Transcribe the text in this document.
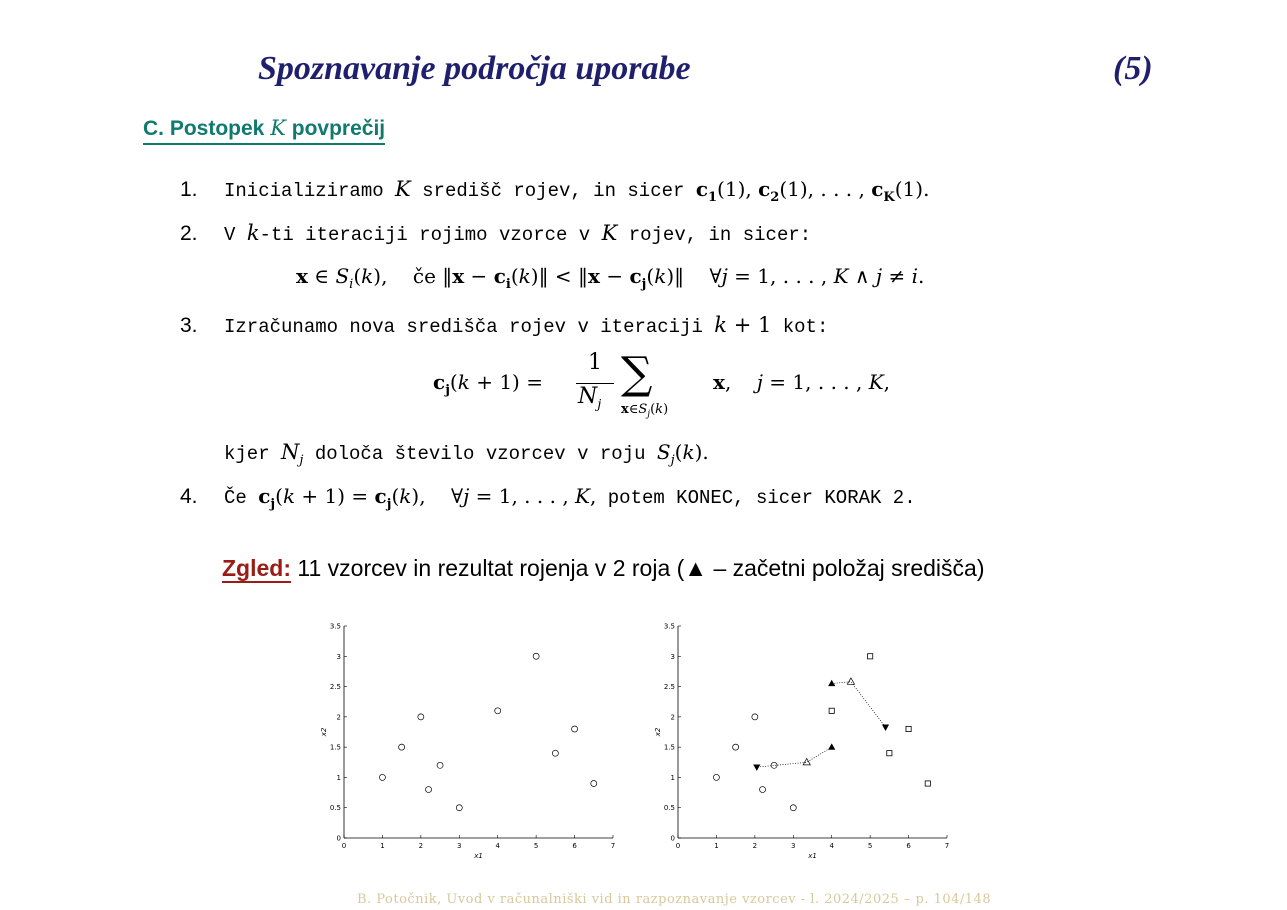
Spoznavanje področja uporabe	(5)
C. Postopek K povprečij
1. Inicializiramo K središč rojev, in sicer $c_1(1)$, $c_2(1)$, . . . , $c_K(1)$.
2. V k-ti iteraciji rojimo vzorce v K rojev, in sicer:
x ∈ $S_i(k)$,    če ‖x − $c_i(k)‖$ < ‖x − $c_j(k)‖$    ∀j = 1, . . . , K ∧ j ≠ i.
3. Izračunamo nova središča rojev v iteraciji k + 1 kot:
$c_j(k + 1)$ =
1
$N_j$
∑
$x\in S_j(k)$
x,    j = 1, . . . , K,
kjer $N_j$ določa število vzorcev v roju $S_j(k)$.
4. Če $c_j(k + 1) = c_j(k)$,    ∀j = 1, . . . , K, potem KONEC, sicer KORAK 2.
Zgled: 11 vzorcev in rezultat rojenja v 2 roja (▲ – začetni položaj središča)
0	1	2	3	4	5	6	7
0
0.5
1
1.5
2
2.5
3
3.5
x1
x2
0	1	2	3	4	5	6	7
0
0.5
1
1.5
2
2.5
3
3.5
x1
x2
B. Potočnik, Uvod v računalniški vid in razpoznavanje vzorcev - l. 2024/2025 – p. 104/148
